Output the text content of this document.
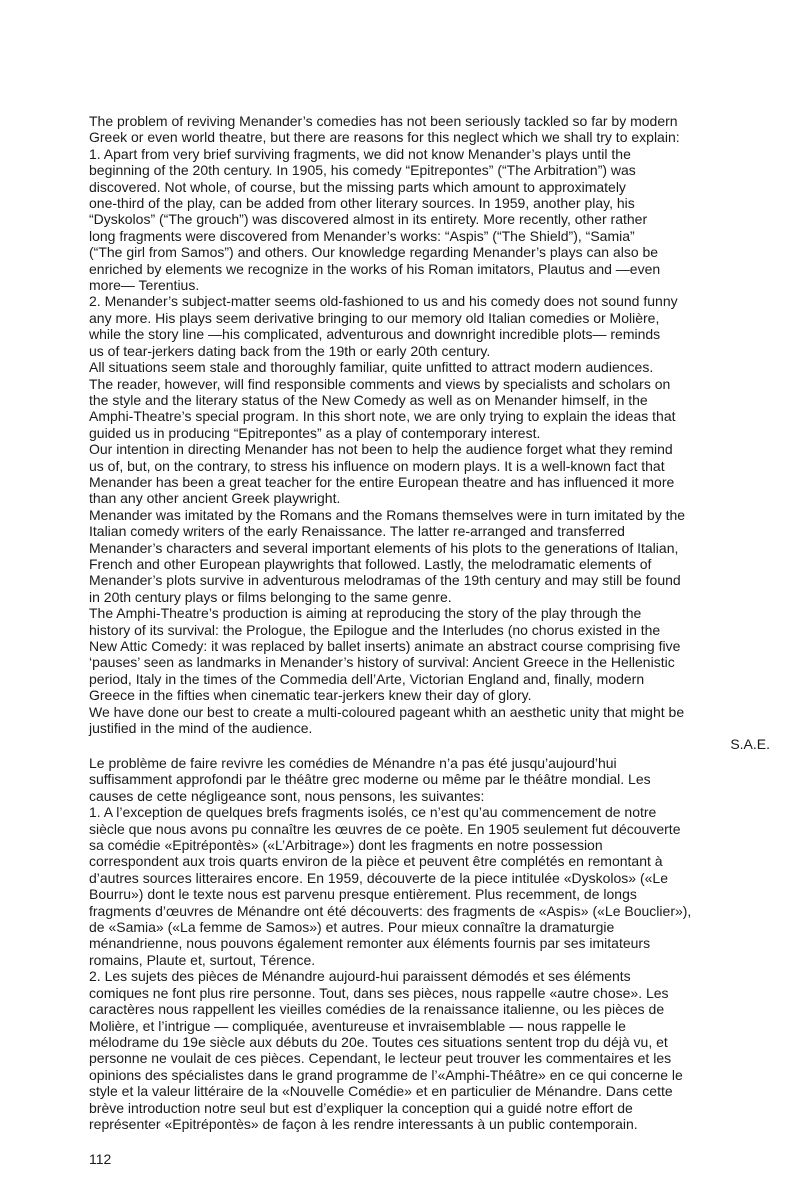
The problem of reviving Menander’s comedies has not been seriously tackled so far by modern
Greek or even world theatre, but there are reasons for this neglect which we shall try to explain:
1. Apart from very brief surviving fragments, we did not know Menander’s plays until the
beginning of the 20th century. In 1905, his comedy “Epitrepontes” (“The Arbitration”) was
discovered. Not whole, of course, but the missing parts which amount to approximately
one-third of the play, can be added from other literary sources. In 1959, another play, his
“Dyskolos” (“The grouch”) was discovered almost in its entirety. More recently, other rather
long fragments were discovered from Menander’s works: “Aspis” (“The Shield”), “Samia”
(“The girl from Samos”) and others. Our knowledge regarding Menander’s plays can also be
enriched by elements we recognize in the works of his Roman imitators, Plautus and —even
more— Terentius.
2. Menander’s subject-matter seems old-fashioned to us and his comedy does not sound funny
any more. His plays seem derivative bringing to our memory old Italian comedies or Molière,
while the story line —his complicated, adventurous and downright incredible plots— reminds
us of tear-jerkers dating back from the 19th or early 20th century.
All situations seem stale and thoroughly familiar, quite unfitted to attract modern audiences.
The reader, however, will find responsible comments and views by specialists and scholars on
the style and the literary status of the New Comedy as well as on Menander himself, in the
Amphi-Theatre’s special program. In this short note, we are only trying to explain the ideas that
guided us in producing “Epitrepontes” as a play of contemporary interest.
Our intention in directing Menander has not been to help the audience forget what they remind
us of, but, on the contrary, to stress his influence on modern plays. It is a well-known fact that
Menander has been a great teacher for the entire European theatre and has influenced it more
than any other ancient Greek playwright.
Menander was imitated by the Romans and the Romans themselves were in turn imitated by the
Italian comedy writers of the early Renaissance. The latter re-arranged and transferred
Menander’s characters and several important elements of his plots to the generations of Italian,
French and other European playwrights that followed. Lastly, the melodramatic elements of
Menander’s plots survive in adventurous melodramas of the 19th century and may still be found
in 20th century plays or films belonging to the same genre.
The Amphi-Theatre’s production is aiming at reproducing the story of the play through the
history of its survival: the Prologue, the Epilogue and the Interludes (no chorus existed in the
New Attic Comedy: it was replaced by ballet inserts) animate an abstract course comprising five
‘pauses’ seen as landmarks in Menander’s history of survival: Ancient Greece in the Hellenistic
period, Italy in the times of the Commedia dell’Arte, Victorian England and, finally, modern
Greece in the fifties when cinematic tear-jerkers knew their day of glory.
We have done our best to create a multi-coloured pageant whith an aesthetic unity that might be
justified in the mind of the audience.

S.A.E.

Le problème de faire revivre les comédies de Ménandre n’a pas été jusqu’aujourd’hui
suffisamment approfondi par le théâtre grec moderne ou même par le théâtre mondial. Les
causes de cette négligeance sont, nous pensons, les suivantes:
1. A l’exception de quelques brefs fragments isolés, ce n’est qu’au commencement de notre
siècle que nous avons pu connaître les œuvres de ce poète. En 1905 seulement fut découverte
sa comédie «Epitrépontès» («L’Arbitrage») dont les fragments en notre possession
correspondent aux trois quarts environ de la pièce et peuvent être complétés en remontant à
d’autres sources litteraires encore. En 1959, découverte de la piece intitulée «Dyskolos» («Le
Bourru») dont le texte nous est parvenu presque entièrement. Plus recemment, de longs
fragments d’œuvres de Ménandre ont été découverts: des fragments de «Aspis» («Le Bouclier»),
de «Samia» («La femme de Samos») et autres. Pour mieux connaître la dramaturgie
ménandrienne, nous pouvons également remonter aux éléments fournis par ses imitateurs
romains, Plaute et, surtout, Térence.
2. Les sujets des pièces de Ménandre aujourd-hui paraissent démodés et ses éléments
comiques ne font plus rire personne. Tout, dans ses pièces, nous rappelle «autre chose». Les
caractères nous rappellent les vieilles comédies de la renaissance italienne, ou les pièces de
Molière, et l’intrigue — compliquée, aventureuse et invraisemblable — nous rappelle le
mélodrame du 19e siècle aux débuts du 20e. Toutes ces situations sentent trop du déjà vu, et
personne ne voulait de ces pièces. Cependant, le lecteur peut trouver les commentaires et les
opinions des spécialistes dans le grand programme de l’«Amphi-Théâtre» en ce qui concerne le
style et la valeur littéraire de la «Nouvelle Comédie» et en particulier de Ménandre. Dans cette
brève introduction notre seul but est d’expliquer la conception qui a guidé notre effort de
représenter «Epitrépontès» de façon à les rendre interessants à un public contemporain.

112
